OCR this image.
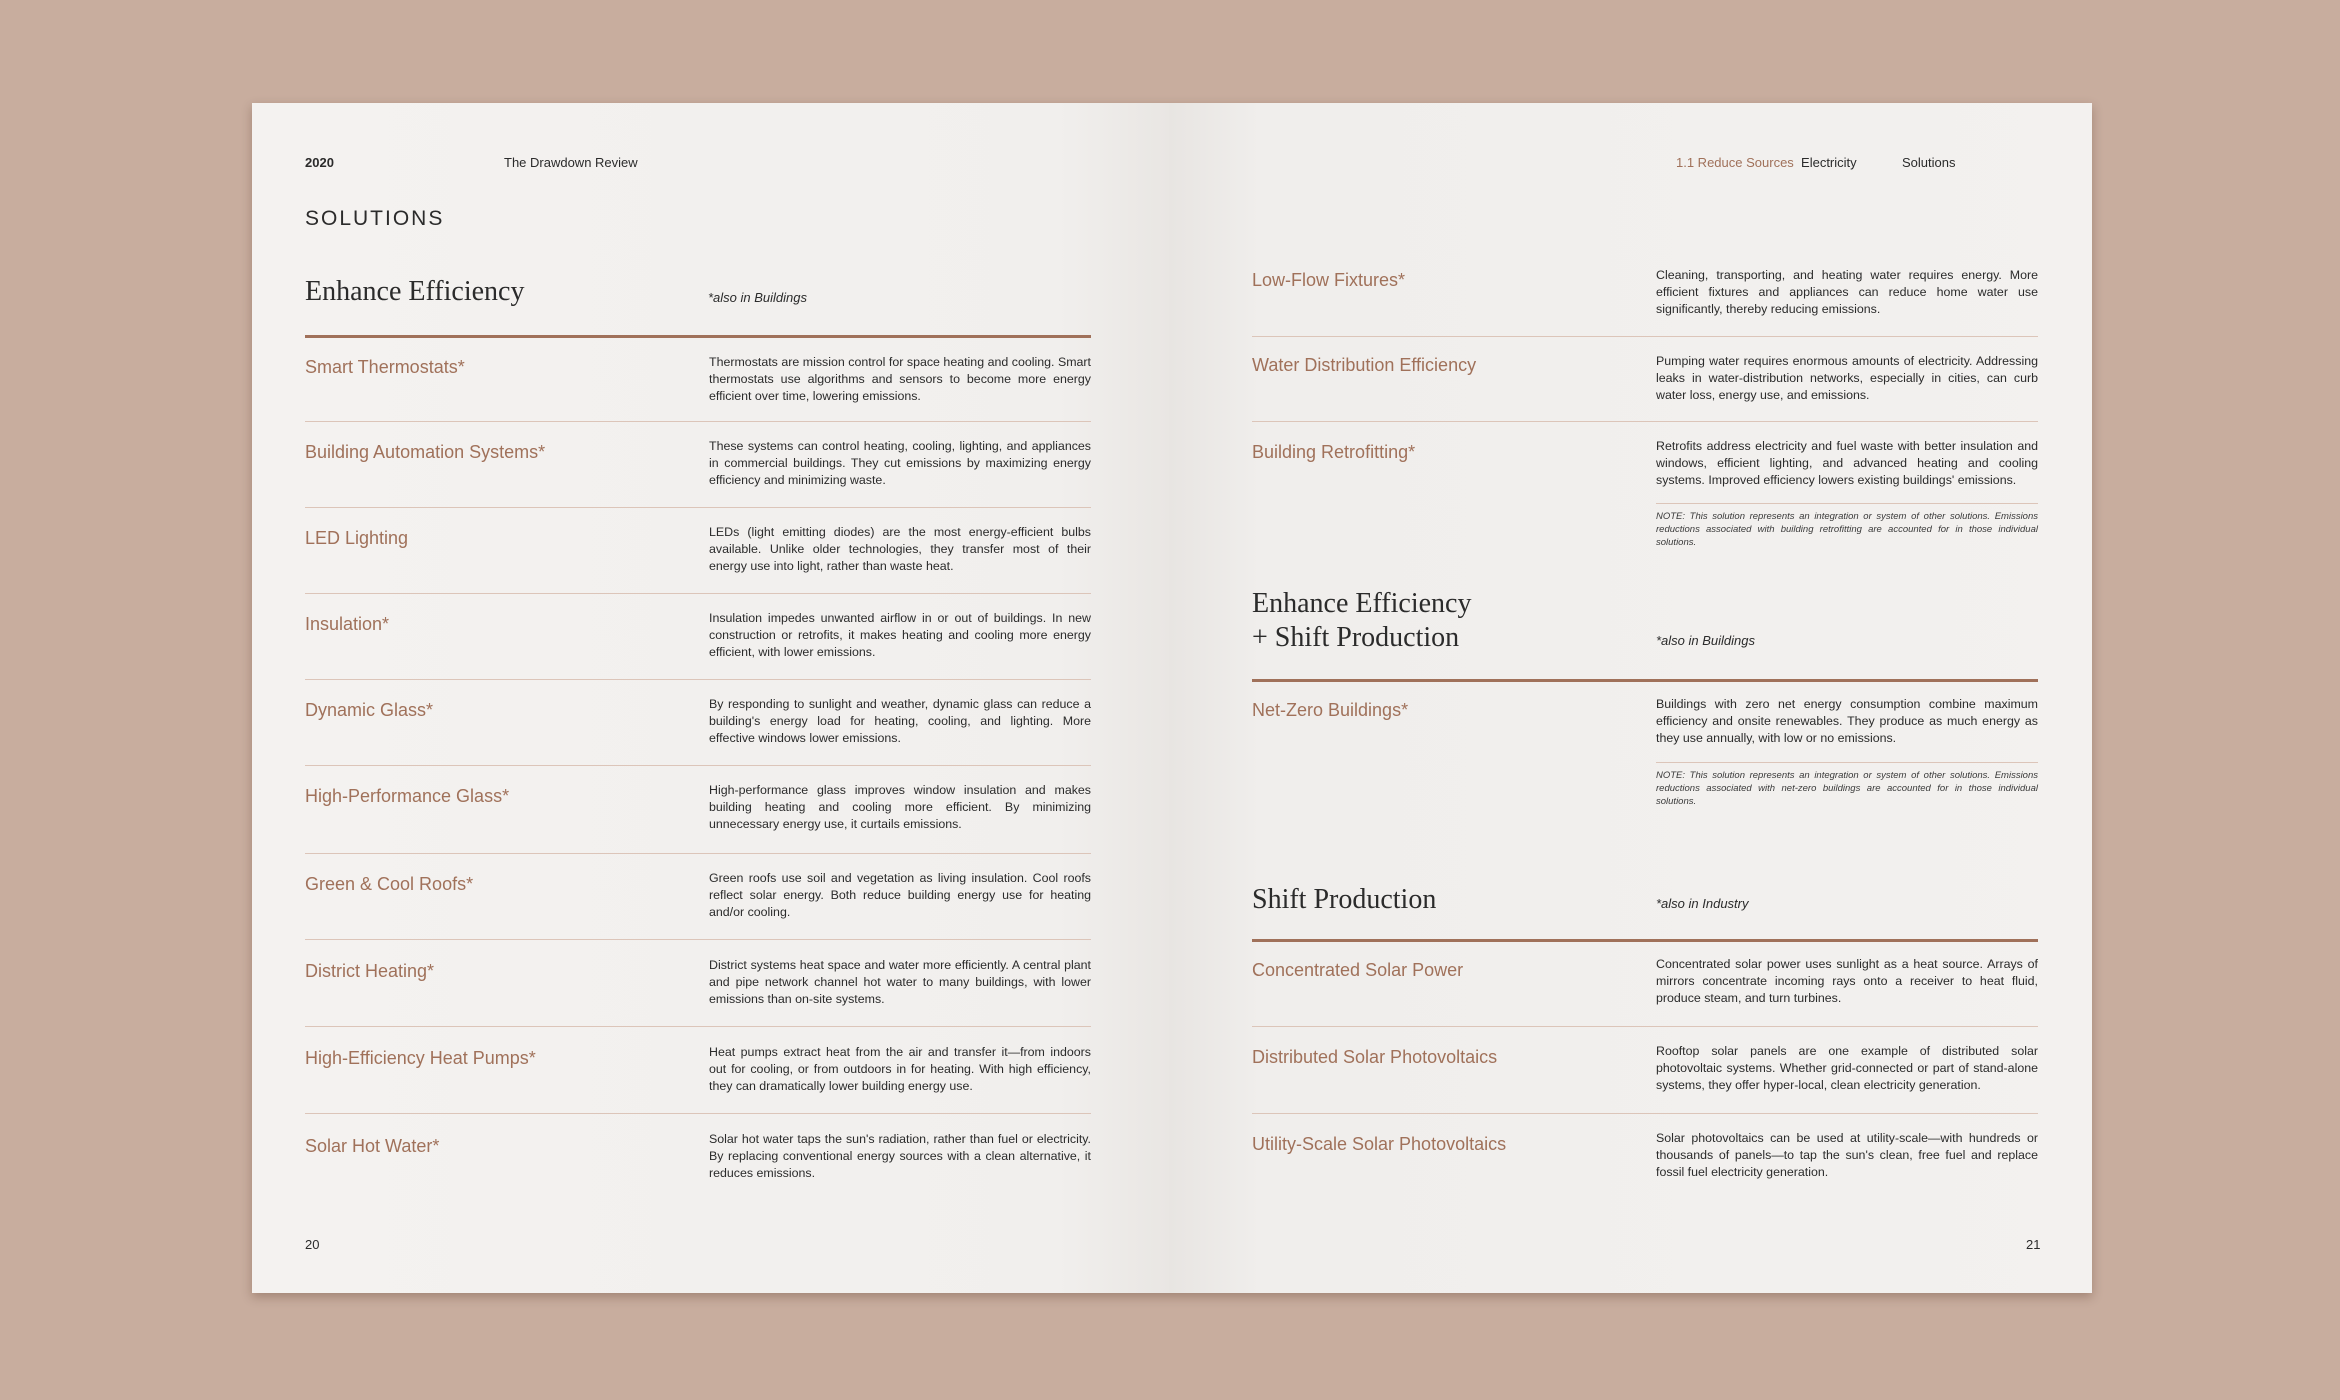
2020	The Drawdown Review
SOLUTIONS
Enhance Efficiency	*also in Buildings
Smart Thermostats*	Thermostats are mission control for space heating and cooling. Smart thermostats use algorithms and sensors to become more energy efficient over time, lowering emissions.
Building Automation Systems*	These systems can control heating, cooling, lighting, and appliances in commercial buildings. They cut emissions by maximizing energy efficiency and minimizing waste.
LED Lighting	LEDs (light emitting diodes) are the most energy-efficient bulbs available. Unlike older technologies, they transfer most of their energy use into light, rather than waste heat.
Insulation*	Insulation impedes unwanted airflow in or out of buildings. In new construction or retrofits, it makes heating and cooling more energy efficient, with lower emissions.
Dynamic Glass*	By responding to sunlight and weather, dynamic glass can reduce a building's energy load for heating, cooling, and lighting. More effective windows lower emissions.
High-Performance Glass*	High-performance glass improves window insulation and makes building heating and cooling more efficient. By minimizing unnecessary energy use, it curtails emissions.
Green & Cool Roofs*	Green roofs use soil and vegetation as living insulation. Cool roofs reflect solar energy. Both reduce building energy use for heating and/or cooling.
District Heating*	District systems heat space and water more efficiently. A central plant and pipe network channel hot water to many buildings, with lower emissions than on-site systems.
High-Efficiency Heat Pumps*	Heat pumps extract heat from the air and transfer it—from indoors out for cooling, or from outdoors in for heating. With high efficiency, they can dramatically lower building energy use.
Solar Hot Water*	Solar hot water taps the sun's radiation, rather than fuel or electricity. By replacing conventional energy sources with a clean alternative, it reduces emissions.
20
1.1 Reduce Sources Electricity	Solutions
Low-Flow Fixtures*	Cleaning, transporting, and heating water requires energy. More efficient fixtures and appliances can reduce home water use significantly, thereby reducing emissions.
Water Distribution Efficiency	Pumping water requires enormous amounts of electricity. Addressing leaks in water-distribution networks, especially in cities, can curb water loss, energy use, and emissions.
Building Retrofitting*	Retrofits address electricity and fuel waste with better insulation and windows, efficient lighting, and advanced heating and cooling systems. Improved efficiency lowers existing buildings' emissions.
NOTE: This solution represents an integration or system of other solutions. Emissions reductions associated with building retrofitting are accounted for in those individual solutions.
Enhance Efficiency
+ Shift Production	*also in Buildings
Net-Zero Buildings*	Buildings with zero net energy consumption combine maximum efficiency and onsite renewables. They produce as much energy as they use annually, with low or no emissions.
NOTE: This solution represents an integration or system of other solutions. Emissions reductions associated with net-zero buildings are accounted for in those individual solutions.
Shift Production	*also in Industry
Concentrated Solar Power	Concentrated solar power uses sunlight as a heat source. Arrays of mirrors concentrate incoming rays onto a receiver to heat fluid, produce steam, and turn turbines.
Distributed Solar Photovoltaics	Rooftop solar panels are one example of distributed solar photovoltaic systems. Whether grid-connected or part of stand-alone systems, they offer hyper-local, clean electricity generation.
Utility-Scale Solar Photovoltaics	Solar photovoltaics can be used at utility-scale—with hundreds or thousands of panels—to tap the sun's clean, free fuel and replace fossil fuel electricity generation.
21
